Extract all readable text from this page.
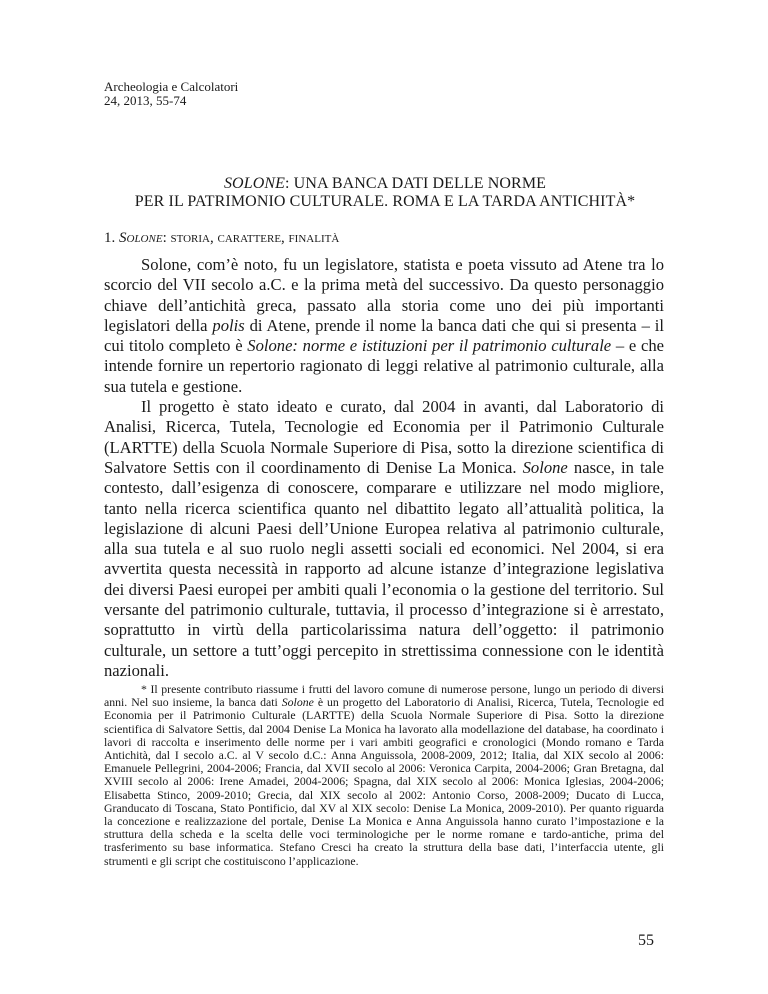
Archeologia e Calcolatori
24, 2013, 55-74
SOLONE: UNA BANCA DATI DELLE NORME
PER IL PATRIMONIO CULTURALE. ROMA E LA TARDA ANTICHITÀ*
1. Solone: storia, carattere, finalità

Solone, com’è noto, fu un legislatore, statista e poeta vissuto ad Atene tra lo scorcio del VII secolo a.C. e la prima metà del successivo. Da questo personaggio chiave dell’antichità greca, passato alla storia come uno dei più importanti legislatori della polis di Atene, prende il nome la banca dati che qui si presenta – il cui titolo completo è Solone: norme e istituzioni per il patrimonio culturale – e che intende fornire un repertorio ragionato di leggi relative al patrimonio culturale, alla sua tutela e gestione.

Il progetto è stato ideato e curato, dal 2004 in avanti, dal Laboratorio di Analisi, Ricerca, Tutela, Tecnologie ed Economia per il Patrimonio Culturale (LARTTE) della Scuola Normale Superiore di Pisa, sotto la direzione scientifica di Salvatore Settis con il coordinamento di Denise La Monica. Solone nasce, in tale contesto, dall’esigenza di conoscere, comparare e utilizzare nel modo migliore, tanto nella ricerca scientifica quanto nel dibattito legato all’attualità politica, la legislazione di alcuni Paesi dell’Unione Europea relativa al patrimonio culturale, alla sua tutela e al suo ruolo negli assetti sociali ed economici. Nel 2004, si era avvertita questa necessità in rapporto ad alcune istanze d’integrazione legislativa dei diversi Paesi europei per ambiti quali l’economia o la gestione del territorio. Sul versante del patrimonio culturale, tuttavia, il processo d’integrazione si è arrestato, soprattutto in virtù della particolarissima natura dell’oggetto: il patrimonio culturale, un settore a tutt’oggi percepito in strettissima connessione con le identità nazionali.

* Il presente contributo riassume i frutti del lavoro comune di numerose persone, lungo un periodo di diversi anni. Nel suo insieme, la banca dati Solone è un progetto del Laboratorio di Analisi, Ricerca, Tutela, Tecnologie ed Economia per il Patrimonio Culturale (LARTTE) della Scuola Normale Superiore di Pisa. Sotto la direzione scientifica di Salvatore Settis, dal 2004 Denise La Monica ha lavorato alla modellazione del database, ha coordinato i lavori di raccolta e inserimento delle norme per i vari ambiti geografici e cronologici (Mondo romano e Tarda Antichità, dal I secolo a.C. al V secolo d.C.: Anna Anguissola, 2008-2009, 2012; Italia, dal XIX secolo al 2006: Emanuele Pellegrini, 2004-2006; Francia, dal XVII secolo al 2006: Veronica Carpita, 2004-2006; Gran Bretagna, dal XVIII secolo al 2006: Irene Amadei, 2004-2006; Spagna, dal XIX secolo al 2006: Monica Iglesias, 2004-2006; Elisabetta Stinco, 2009-2010; Grecia, dal XIX secolo al 2002: Antonio Corso, 2008-2009; Ducato di Lucca, Granducato di Toscana, Stato Pontificio, dal XV al XIX secolo: Denise La Monica, 2009-2010). Per quanto riguarda la concezione e realizzazione del portale, Denise La Monica e Anna Anguissola hanno curato l’impostazione e la struttura della scheda e la scelta delle voci terminologiche per le norme romane e tardo-antiche, prima del trasferimento su base informatica. Stefano Cresci ha creato la struttura della base dati, l’interfaccia utente, gli strumenti e gli script che costituiscono l’applicazione.
55
